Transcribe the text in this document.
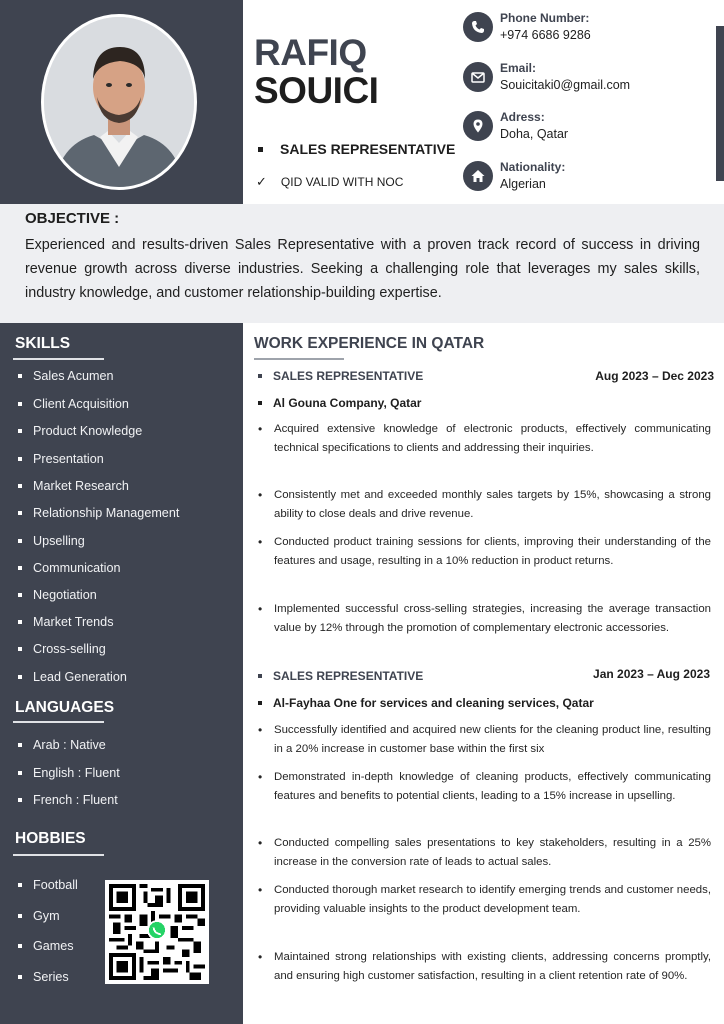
RAFIQ
SOUICI
SALES REPRESENTATIVE
✓ QID VALID WITH NOC
Phone Number:
+974 6686 9286
Email:
Souicitaki0@gmail.com
Adress:
Doha, Qatar
Nationality:
Algerian
OBJECTIVE :
Experienced and results-driven Sales Representative with a proven track record of success in driving revenue growth across diverse industries. Seeking a challenging role that leverages my sales skills, industry knowledge, and customer relationship-building expertise.
SKILLS
Sales Acumen
Client Acquisition
Product Knowledge
Presentation
Market Research
Relationship Management
Upselling
Communication
Negotiation
Market Trends
Cross-selling
Lead Generation
LANGUAGES
Arab : Native
English : Fluent
French : Fluent
HOBBIES
Football
Gym
Games
Series
WORK EXPERIENCE IN QATAR
SALES REPRESENTATIVE	Aug 2023 – Dec 2023
Al Gouna Company, Qatar
•	Acquired extensive knowledge of electronic products, effectively communicating technical specifications to clients and addressing their inquiries.
•	Consistently met and exceeded monthly sales targets by 15%, showcasing a strong ability to close deals and drive revenue.
•	Conducted product training sessions for clients, improving their understanding of the features and usage, resulting in a 10% reduction in product returns.
•	Implemented successful cross-selling strategies, increasing the average transaction value by 12% through the promotion of complementary electronic accessories.
SALES REPRESENTATIVE	Jan 2023 – Aug 2023
Al-Fayhaa One for services and cleaning services, Qatar
•	Successfully identified and acquired new clients for the cleaning product line, resulting in a 20% increase in customer base within the first six
•	Demonstrated in-depth knowledge of cleaning products, effectively communicating features and benefits to potential clients, leading to a 15% increase in upselling.
•	Conducted compelling sales presentations to key stakeholders, resulting in a 25% increase in the conversion rate of leads to actual sales.
•	Conducted thorough market research to identify emerging trends and customer needs, providing valuable insights to the product development team.
•	Maintained strong relationships with existing clients, addressing concerns promptly, and ensuring high customer satisfaction, resulting in a client retention rate of 90%.
